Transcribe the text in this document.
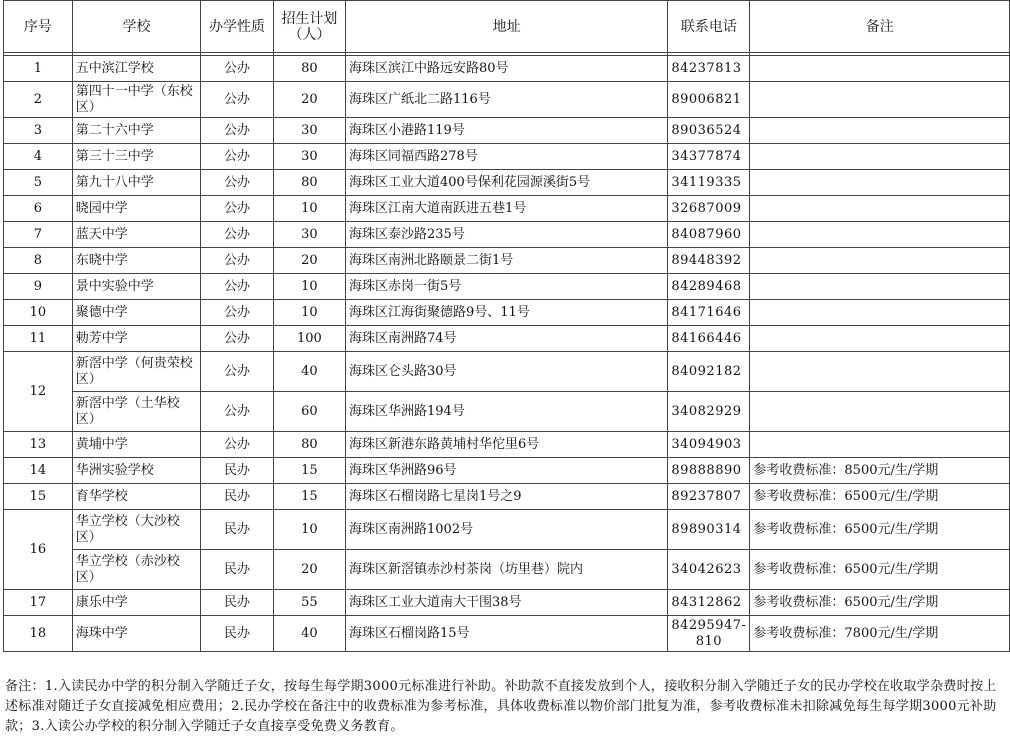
序号	学校	办学性质	招生计划（人）	地址	联系电话	备注

1	五中滨江学校	公办	80	海珠区滨江中路远安路80号	84237813	
2	第四十一中学（东校区）	公办	20	海珠区广纸北二路116号	89006821	
3	第二十六中学	公办	30	海珠区小港路119号	89036524	
4	第三十三中学	公办	30	海珠区同福西路278号	34377874	
5	第九十八中学	公办	80	海珠区工业大道400号保利花园源溪街5号	34119335	
6	晓园中学	公办	10	海珠区江南大道南跃进五巷1号	32687009	
7	蓝天中学	公办	30	海珠区泰沙路235号	84087960	
8	东晓中学	公办	20	海珠区南洲北路颐景二街1号	89448392	
9	景中实验中学	公办	10	海珠区赤岗一街5号	84289468	
10	聚德中学	公办	10	海珠区江海街聚德路9号、11号	84171646	
11	勅芳中学	公办	100	海珠区南洲路74号	84166446	
12	新滘中学（何贵荣校区）	公办	40	海珠区仑头路30号	84092182	
	新滘中学（土华校区）	公办	60	海珠区华洲路194号	34082929	
13	黄埔中学	公办	80	海珠区新港东路黄埔村华佗里6号	34094903	
14	华洲实验学校	民办	15	海珠区华洲路96号	89888890	参考收费标准：8500元/生/学期
15	育华学校	民办	15	海珠区石榴岗路七星岗1号之9	89237807	参考收费标准：6500元/生/学期
16	华立学校（大沙校区）	民办	10	海珠区南洲路1002号	89890314	参考收费标准：6500元/生/学期
	华立学校（赤沙校区）	民办	20	海珠区新滘镇赤沙村茶岗（坊里巷）院内	34042623	参考收费标准：6500元/生/学期
17	康乐中学	民办	55	海珠区工业大道南大干围38号	84312862	参考收费标准：6500元/生/学期
18	海珠中学	民办	40	海珠区石榴岗路15号	84295947-810	参考收费标准：7800元/生/学期
备注：1.入读民办中学的积分制入学随迁子女，按每生每学期3000元标准进行补助。补助款不直接发放到个人，接收积分制入学随迁子女的民办学校在收取学杂费时按上述标准对随迁子女直接减免相应费用；2.民办学校在备注中的收费标准为参考标准，具体收费标准以物价部门批复为准，参考收费标准未扣除减免每生每学期3000元补助款；3.入读公办学校的积分制入学随迁子女直接享受免费义务教育。
